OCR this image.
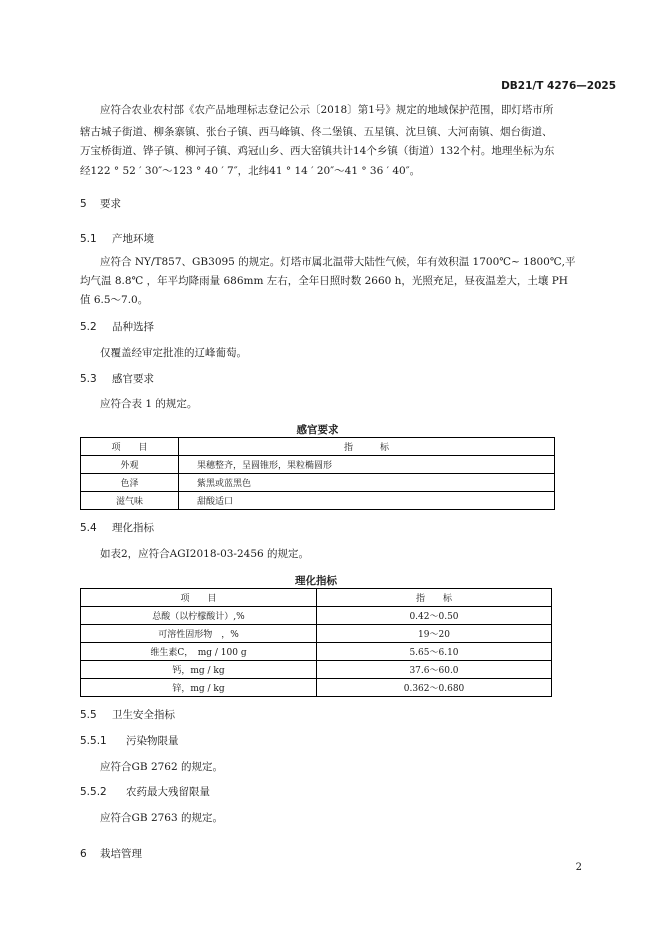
DB21/T 4276—2025
应符合农业农村部《农产品地理标志登记公示〔2018〕第1号》规定的地域保护范围，即灯塔市所
辖古城子街道、柳条寨镇、张台子镇、西马峰镇、佟二堡镇、五星镇、沈旦镇、大河南镇、烟台街道、
万宝桥街道、铧子镇、柳河子镇、鸡冠山乡、西大窑镇共计14个乡镇（街道）132个村。地理坐标为东
经122 ° 52 ′ 30″～123 ° 40 ′ 7″，北纬41 ° 14 ′ 20″～41 ° 36 ′ 40″。
5 要求
5.1 产地环境
应符合 NY/T857、GB3095 的规定。灯塔市属北温带大陆性气候，年有效积温 1700℃~ 1800℃,平
均气温 8.8℃ ，年平均降雨量 686mm 左右，全年日照时数 2660 h，光照充足，昼夜温差大，土壤 PH
值 6.5～7.0。
5.2 品种选择
仅覆盖经审定批准的辽峰葡萄。
5.3 感官要求
应符合表 1 的规定。
感官要求
项　　目	指　　　标
外观	果穗整齐，呈圆锥形，果粒椭圆形
色泽	紫黑或蓝黑色
滋气味	甜酸适口
5.4 理化指标
如表2，应符合AGI2018-03-2456 的规定。
理化指标
项　　目	指　　标
总酸（以柠檬酸计）,%	0.42～0.50
可溶性固形物　，%	19～20
维生素C，　mg / 100 g	5.65～6.10
钙，mg / kg	37.6～60.0
锌，mg / kg	0.362～0.680
5.5 卫生安全指标
5.5.1 污染物限量
应符合GB 2762 的规定。
5.5.2 农药最大残留限量
应符合GB 2763 的规定。
6 栽培管理
2
